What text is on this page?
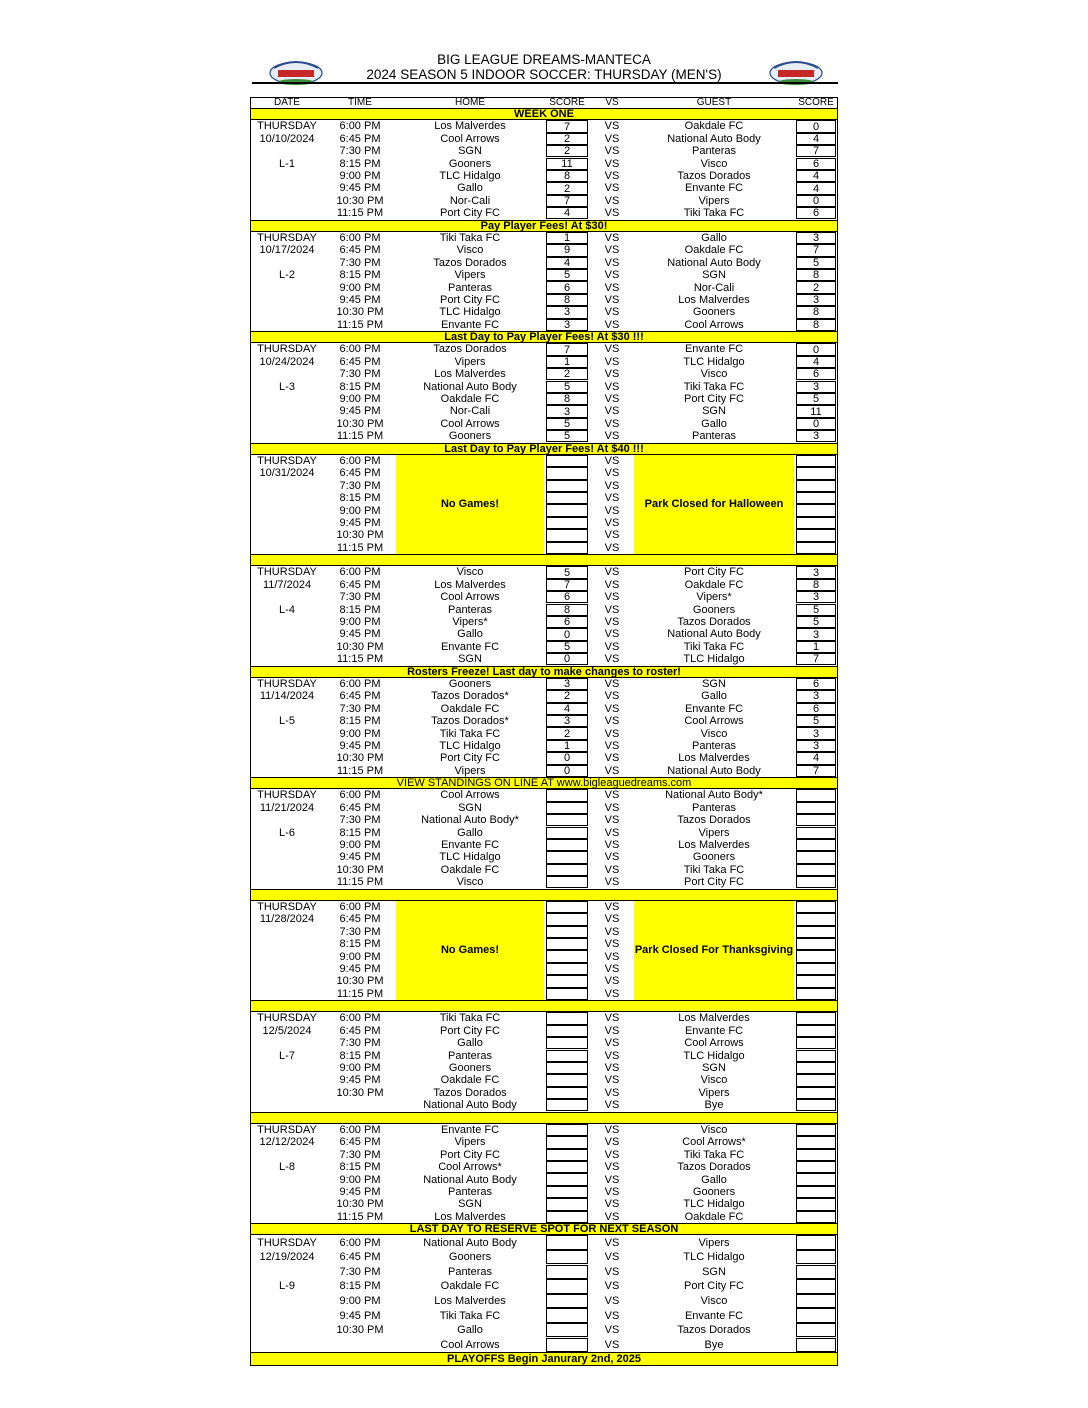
BIG LEAGUE DREAMS-MANTECA
2024 SEASON 5 INDOOR SOCCER: THURSDAY (MEN'S)
DATE	TIME	HOME	SCORE	VS	GUEST	SCORE
WEEK ONE
THURSDAY	6:00 PM	Los Malverdes	7	VS	Oakdale FC	0
10/10/2024	6:45 PM	Cool Arrows	2	VS	National Auto Body	4
7:30 PM	SGN	2	VS	Panteras	7
L-1	8:15 PM	Gooners	11	VS	Visco	6
9:00 PM	TLC Hidalgo	8	VS	Tazos Dorados	4
9:45 PM	Gallo	2	VS	Envante FC	4
10:30 PM	Nor-Cali	7	VS	Vipers	0
11:15 PM	Port City FC	4	VS	Tiki Taka FC	6
Pay Player Fees! At $30!
THURSDAY	6:00 PM	Tiki Taka FC	1	VS	Gallo	3
10/17/2024	6:45 PM	Visco	9	VS	Oakdale FC	7
7:30 PM	Tazos Dorados	4	VS	National Auto Body	5
L-2	8:15 PM	Vipers	5	VS	SGN	8
9:00 PM	Panteras	6	VS	Nor-Cali	2
9:45 PM	Port City FC	8	VS	Los Malverdes	3
10:30 PM	TLC Hidalgo	3	VS	Gooners	8
11:15 PM	Envante FC	3	VS	Cool Arrows	8
Last Day to Pay Player Fees! At $30 !!!
THURSDAY	6:00 PM	Tazos Dorados	7	VS	Envante FC	0
10/24/2024	6:45 PM	Vipers	1	VS	TLC Hidalgo	4
7:30 PM	Los Malverdes	2	VS	Visco	6
L-3	8:15 PM	National Auto Body	5	VS	Tiki Taka FC	3
9:00 PM	Oakdale FC	8	VS	Port City FC	5
9:45 PM	Nor-Cali	3	VS	SGN	11
10:30 PM	Cool Arrows	5	VS	Gallo	0
11:15 PM	Gooners	5	VS	Panteras	3
Last Day to Pay Player Fees! At $40 !!!
THURSDAY	6:00 PM	VS
10/31/2024	6:45 PM	VS
7:30 PM	VS
8:15 PM	VS
9:00 PM	VS
9:45 PM	VS
10:30 PM	VS
11:15 PM	VS
No Games!	Park Closed for Halloween
THURSDAY	6:00 PM	Visco	5	VS	Port City FC	3
11/7/2024	6:45 PM	Los Malverdes	7	VS	Oakdale FC	8
7:30 PM	Cool Arrows	6	VS	Vipers*	3
L-4	8:15 PM	Panteras	8	VS	Gooners	5
9:00 PM	Vipers*	6	VS	Tazos Dorados	5
9:45 PM	Gallo	0	VS	National Auto Body	3
10:30 PM	Envante FC	5	VS	Tiki Taka FC	1
11:15 PM	SGN	0	VS	TLC Hidalgo	7
Rosters Freeze! Last day to make changes to roster!
THURSDAY	6:00 PM	Gooners	3	VS	SGN	6
11/14/2024	6:45 PM	Tazos Dorados*	2	VS	Gallo	3
7:30 PM	Oakdale FC	4	VS	Envante FC	6
L-5	8:15 PM	Tazos Dorados*	3	VS	Cool Arrows	5
9:00 PM	Tiki Taka FC	2	VS	Visco	3
9:45 PM	TLC Hidalgo	1	VS	Panteras	3
10:30 PM	Port City FC	0	VS	Los Malverdes	4
11:15 PM	Vipers	0	VS	National Auto Body	7
VIEW STANDINGS ON LINE AT www.bigleaguedreams.com
THURSDAY	6:00 PM	Cool Arrows	VS	National Auto Body*
11/21/2024	6:45 PM	SGN	VS	Panteras
7:30 PM	National Auto Body*	VS	Tazos Dorados
L-6	8:15 PM	Gallo	VS	Vipers
9:00 PM	Envante FC	VS	Los Malverdes
9:45 PM	TLC Hidalgo	VS	Gooners
10:30 PM	Oakdale FC	VS	Tiki Taka FC
11:15 PM	Visco	VS	Port City FC
THURSDAY	6:00 PM	VS
11/28/2024	6:45 PM	VS
7:30 PM	VS
8:15 PM	VS
9:00 PM	VS
9:45 PM	VS
10:30 PM	VS
11:15 PM	VS
No Games!	Park Closed For Thanksgiving
THURSDAY	6:00 PM	Tiki Taka FC	VS	Los Malverdes
12/5/2024	6:45 PM	Port City FC	VS	Envante FC
7:30 PM	Gallo	VS	Cool Arrows
L-7	8:15 PM	Panteras	VS	TLC Hidalgo
9:00 PM	Gooners	VS	SGN
9:45 PM	Oakdale FC	VS	Visco
10:30 PM	Tazos Dorados	VS	Vipers
National Auto Body	VS	Bye
THURSDAY	6:00 PM	Envante FC	VS	Visco
12/12/2024	6:45 PM	Vipers	VS	Cool Arrows*
7:30 PM	Port City FC	VS	Tiki Taka FC
L-8	8:15 PM	Cool Arrows*	VS	Tazos Dorados
9:00 PM	National Auto Body	VS	Gallo
9:45 PM	Panteras	VS	Gooners
10:30 PM	SGN	VS	TLC Hidalgo
11:15 PM	Los Malverdes	VS	Oakdale FC
LAST DAY TO RESERVE SPOT FOR NEXT SEASON
THURSDAY	6:00 PM	National Auto Body	VS	Vipers
12/19/2024	6:45 PM	Gooners	VS	TLC Hidalgo
7:30 PM	Panteras	VS	SGN
L-9	8:15 PM	Oakdale FC	VS	Port City FC
9:00 PM	Los Malverdes	VS	Visco
9:45 PM	Tiki Taka FC	VS	Envante FC
10:30 PM	Gallo	VS	Tazos Dorados
Cool Arrows	VS	Bye
PLAYOFFS Begin Janurary 2nd, 2025
